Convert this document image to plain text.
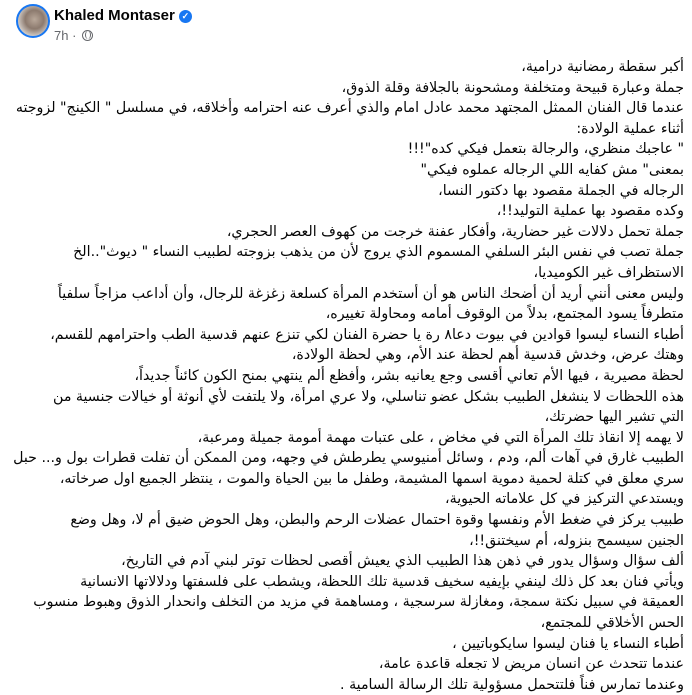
Khaled Montaser ✓
7h ·
أكبر سقطة رمضانية درامية،
جملة وعبارة قبيحة ومتخلفة ومشحونة بالجلافة وقلة الذوق،
عندما قال الفنان الممثل المجتهد محمد عادل امام والذي أعرف عنه احترامه وأخلاقه، في مسلسل " الكينج" لزوجته
أثناء عملية الولادة:
" عاجبك منظري، والرجالة بتعمل فيكي كده"!!!
بمعنى" مش كفايه اللي الرجاله عملوه فيكي"
الرجاله في الجملة مقصود بها دكتور النسا،
وكده مقصود بها عملية التوليد!!،
جملة تحمل دلالات غير حضارية، وأفكار عفنة خرجت من كهوف العصر الحجري،
جملة تصب في نفس البئر السلفي المسموم الذي يروج لأن من يذهب بزوجته لطبيب النساء " ديوث"..الخ
الاستظراف غير الكوميديا،
وليس معنى أنني أريد أن أضحك الناس هو أن أستخدم المرأة كسلعة زغزغة للرجال، وأن أداعب مزاجاً سلفياً
متطرفاً يسود المجتمع، بدلاً من الوقوف أمامه ومحاولة تغييره،
أطباء النساء ليسوا قوادين في بيوت دعا٨ رة يا حضرة الفنان لكي تنزع عنهم قدسية الطب واحترامهم للقسم،
وهتك عرض، وخدش قدسية أهم لحظة عند الأم، وهي لحظة الولادة،
لحظة مصيرية ، فيها الأم تعاني أقسى وجع يعانيه بشر، وأفظع ألم ينتهي بمنح الكون كائناً جديداً،
هذه اللحظات لا ينشغل الطبيب بشكل عضو تناسلي، ولا عري امرأة، ولا يلتفت لأي أنوثة أو خيالات جنسية من
التي تشير اليها حضرتك،
لا يهمه إلا انقاذ تلك المرأة التي في مخاض ، على عتبات مهمة أمومة جميلة ومرعبة،
الطبيب غارق في آهات ألم، ودم ، وسائل أمنيوسي يطرطش في وجهه، ومن الممكن أن تفلت قطرات بول و... حبل
سري معلق في كتلة لحمية دموية اسمها المشيمة، وطفل ما بين الحياة والموت ، ينتظر الجميع اول صرخاته،
ويستدعي التركيز في كل علاماته الحيوية،
طبيب يركز في ضغط الأم ونفسها وقوة احتمال عضلات الرحم والبطن، وهل الحوض ضيق أم لا، وهل وضع
الجنين سيسمح بنزوله، أم سيختنق!!،
ألف سؤال وسؤال يدور في ذهن هذا الطبيب الذي يعيش أقصى لحظات توتر لبني آدم في التاريخ،
ويأتي فنان بعد كل ذلك لينفي بإيفيه سخيف قدسية تلك اللحظة، ويشطب على فلسفتها ودلالاتها الانسانية
العميقة في سبيل نكتة سمجة، ومغازلة سرسجية ، ومساهمة في مزيد من التخلف وانحدار الذوق وهبوط منسوب
الحس الأخلاقي للمجتمع،
أطباء النساء يا فنان ليسوا سايكوباتيين ،
عندما تتحدث عن انسان مريض لا تجعله قاعدة عامة،
وعندما تمارس فناً فلتتحمل مسؤولية تلك الرسالة السامية .
